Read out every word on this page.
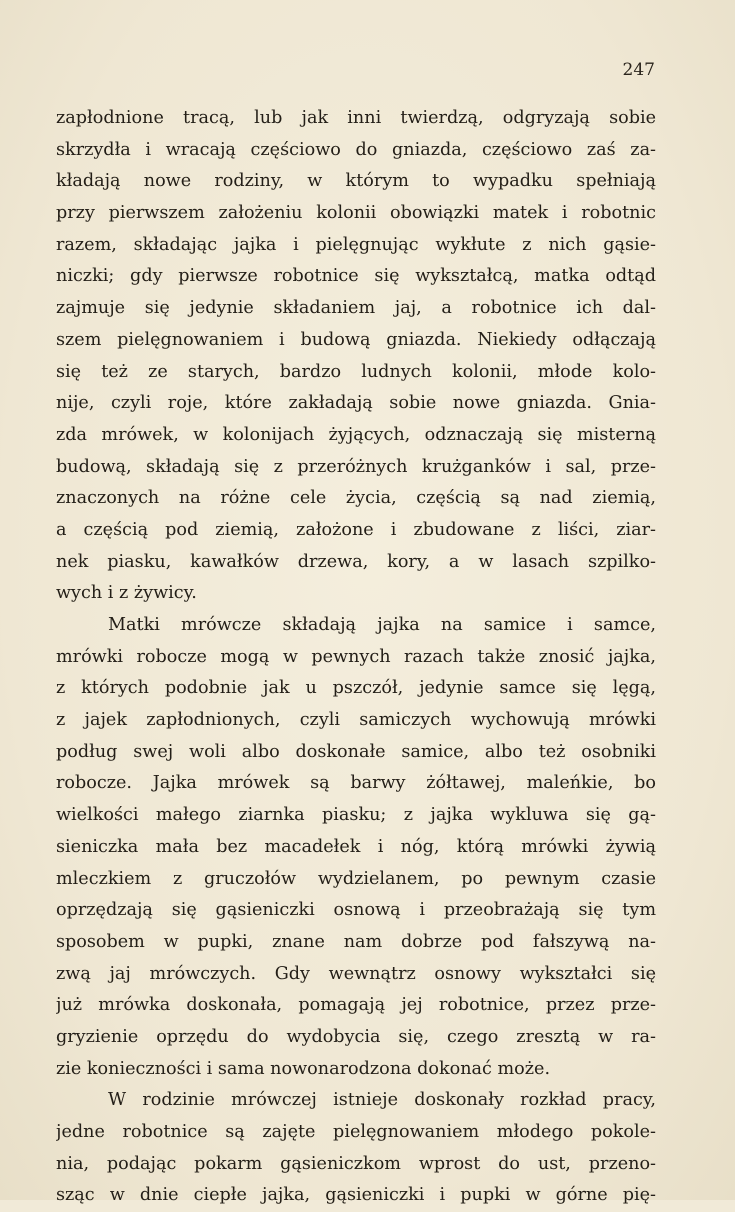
247
zapłodnione tracą, lub jak inni twierdzą, odgryzają sobie
skrzydła i wracają częściowo do gniazda, częściowo zaś za-
kładają nowe rodziny, w którym to wypadku spełniają
przy pierwszem założeniu kolonii obowiązki matek i robotnic
razem, składając jajka i pielęgnując wykłute z nich gąsie-
niczki; gdy pierwsze robotnice się wykształcą, matka odtąd
zajmuje się jedynie składaniem jaj, a robotnice ich dal-
szem pielęgnowaniem i budową gniazda. Niekiedy odłączają
się też ze starych, bardzo ludnych kolonii, młode kolo-
nije, czyli roje, które zakładają sobie nowe gniazda. Gnia-
zda mrówek, w kolonijach żyjących, odznaczają się misterną
budową, składają się z przeróżnych krużganków i sal, prze-
znaczonych na różne cele życia, częścią są nad ziemią,
a częścią pod ziemią, założone i zbudowane z liści, ziar-
nek piasku, kawałków drzewa, kory, a w lasach szpilko-
wych i z żywicy.
Matki mrówcze składają jajka na samice i samce,
mrówki robocze mogą w pewnych razach także znosić jajka,
z których podobnie jak u pszczół, jedynie samce się lęgą,
z jajek zapłodnionych, czyli samiczych wychowują mrówki
podług swej woli albo doskonałe samice, albo też osobniki
robocze. Jajka mrówek są barwy żółtawej, maleńkie, bo
wielkości małego ziarnka piasku; z jajka wykluwa się gą-
sieniczka mała bez macadełek i nóg, którą mrówki żywią
mleczkiem z gruczołów wydzielanem, po pewnym czasie
oprzędzają się gąsieniczki osnową i przeobrażają się tym
sposobem w pupki, znane nam dobrze pod fałszywą na-
zwą jaj mrówczych. Gdy wewnątrz osnowy wykształci się
już mrówka doskonała, pomagają jej robotnice, przez prze-
gryzienie oprzędu do wydobycia się, czego zresztą w ra-
zie konieczności i sama nowonarodzona dokonać może.
W rodzinie mrówczej istnieje doskonały rozkład pracy,
jedne robotnice są zajęte pielęgnowaniem młodego pokole-
nia, podając pokarm gąsieniczkom wprost do ust, przeno-
sząc w dnie ciepłe jajka, gąsieniczki i pupki w górne pię-
